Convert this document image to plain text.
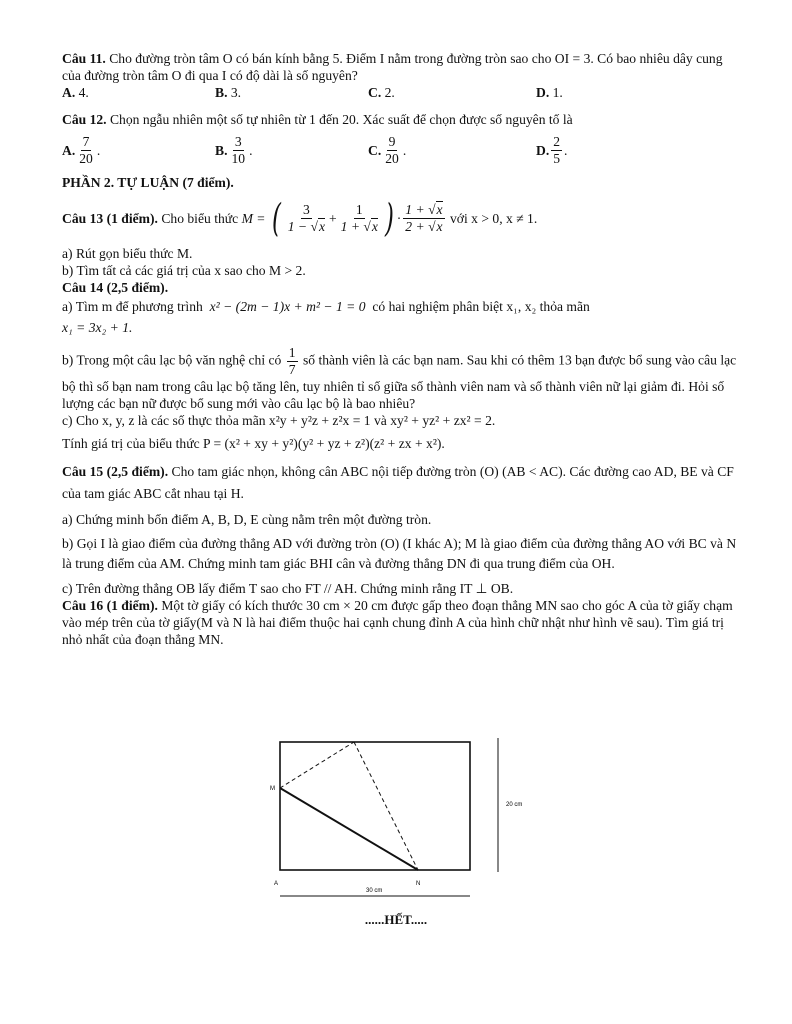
Câu 11. Cho đường tròn tâm O có bán kính bằng 5. Điểm I nằm trong đường tròn sao cho OI = 3. Có bao nhiêu dây cung của đường tròn tâm O đi qua I có độ dài là số nguyên?

A. 4.	B. 3.	C. 2.	D. 1.

Câu 12. Chọn ngẫu nhiên một số tự nhiên từ 1 đến 20. Xác suất để chọn được số nguyên tố là

A. $\frac{7}{20}$ .	B. $\frac{3}{10}$ .	C. $\frac{9}{20}$ .	D. $\frac{2}{5}$ .

PHẦN 2. TỰ LUẬN (7 điểm).

Câu 13 (1 điểm).
Cho biểu thức
M = ( $\frac{3}{1 - √x} + \frac{1}{1 + √x}$ ) · $\frac{1 + √x}{2 + √x}$
với x > 0, x ≠ 1.

a) Rút gọn biểu thức M.

b) Tìm tất cả các giá trị của x sao cho M > 2.

Câu 14 (2,5 điểm).

a) Tìm m để phương trình x² − (2m − 1)x + m² − 1 = 0 có hai nghiệm phân biệt x₁, x₂ thỏa mãn

x₁ = 3x₂ + 1.

b) Trong một câu lạc bộ văn nghệ chỉ có $\frac{1}{7}$ số thành viên là các bạn nam. Sau khi có thêm 13 bạn được bổ sung vào câu lạc bộ thì số bạn nam trong câu lạc bộ tăng lên, tuy nhiên tỉ số giữa số thành viên nam và số thành viên nữ lại giảm đi. Hỏi số lượng các bạn nữ được bổ sung mới vào câu lạc bộ là bao nhiêu?

c) Cho x, y, z là các số thực thỏa mãn x²y + y²z + z²x = 1 và xy² + yz² + zx² = 2.

Tính giá trị của biểu thức P = (x² + xy + y²)(y² + yz + z²)(z² + zx + x²).

Câu 15 (2,5 điểm). Cho tam giác nhọn, không cân ABC nội tiếp đường tròn (O) (AB < AC). Các đường cao AD, BE và CF của tam giác ABC cắt nhau tại H.

a) Chứng minh bốn điểm A, B, D, E cùng nằm trên một đường tròn.

b) Gọi I là giao điểm của đường thẳng AD với đường tròn (O) (I khác A); M là giao điểm của đường thẳng AO với BC và N là trung điểm của AM. Chứng minh tam giác BHI cân và đường thẳng DN đi qua trung điểm của OH.

c) Trên đường thẳng OB lấy điểm T sao cho FT // AH. Chứng minh rằng IT ⊥ OB.

Câu 16 (1 điểm). Một tờ giấy có kích thước 30 cm × 20 cm được gấp theo đoạn thẳng MN sao cho góc A của tờ giấy chạm vào mép trên của tờ giấy(M và N là hai điểm thuộc hai cạnh chung đỉnh A của hình chữ nhật như hình vẽ sau). Tìm giá trị nhỏ nhất của đoạn thẳng MN.

M
A	N
30 cm
20 cm
......HẾT.....
